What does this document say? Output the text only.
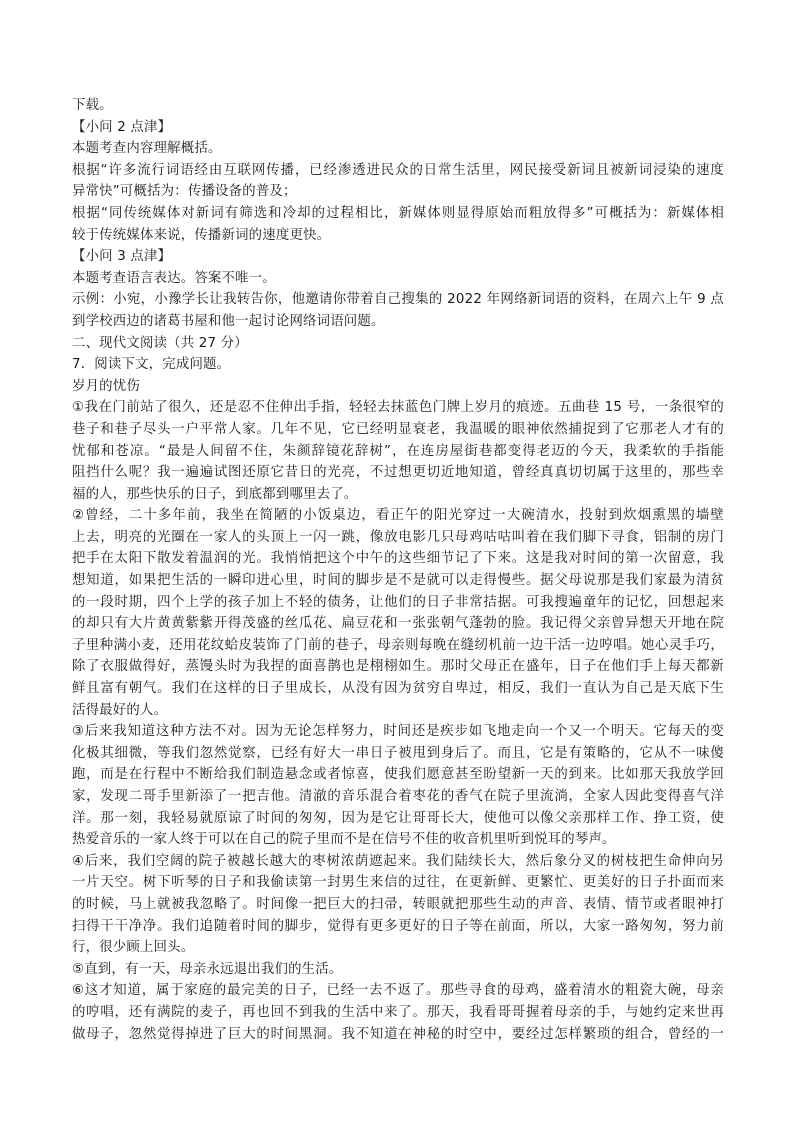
下载。
【小问 2 点津】
本题考查内容理解概括。
根据“许多流行词语经由互联网传播，已经渗透进民众的日常生活里，网民接受新词且被新词浸染的速度
异常快”可概括为：传播设备的普及；
根据“同传统媒体对新词有筛选和冷却的过程相比，新媒体则显得原始而粗放得多”可概括为：新媒体相
较于传统媒体来说，传播新词的速度更快。
【小问 3 点津】
本题考查语言表达。答案不唯一。
示例：小宛，小豫学长让我转告你，他邀请你带着自己搜集的 2022 年网络新词语的资料，在周六上午 9 点
到学校西边的诸葛书屋和他一起讨论网络词语问题。
二、现代文阅读（共 27 分）
7．阅读下文，完成问题。
岁月的忧伤
①我在门前站了很久，还是忍不住伸出手指，轻轻去抹蓝色门牌上岁月的痕迹。五曲巷 15 号，一条很窄的
巷子和巷子尽头一户平常人家。几年不见，它已经明显衰老，我温暖的眼神依然捕捉到了它那老人才有的
忧郁和苍凉。“最是人间留不住，朱颜辞镜花辞树”，在连房屋街巷都变得老迈的今天，我柔软的手指能
阻挡什么呢？我一遍遍试图还原它昔日的光亮，不过想更切近地知道，曾经真真切切属于这里的，那些幸
福的人，那些快乐的日子，到底都到哪里去了。
②曾经，二十多年前，我坐在简陋的小饭桌边，看正午的阳光穿过一大碗清水，投射到炊烟熏黑的墙壁
上去，明亮的光圈在一家人的头顶上一闪一跳，像放电影几只母鸡咕咕叫着在我们脚下寻食，铝制的房门
把手在太阳下散发着温润的光。我悄悄把这个中午的这些细节记了下来。这是我对时间的第一次留意，我
想知道，如果把生活的一瞬印进心里，时间的脚步是不是就可以走得慢些。据父母说那是我们家最为清贫
的一段时期，四个上学的孩子加上不轻的债务，让他们的日子非常拮据。可我搜遍童年的记忆，回想起来
的却只有大片黄黄紫紫开得茂盛的丝瓜花、扁豆花和一张张朝气蓬勃的脸。我记得父亲曾异想天开地在院
子里种满小麦，还用花纹蛤皮装饰了门前的巷子，母亲则每晚在缝纫机前一边干活一边哼唱。她心灵手巧，
除了衣服做得好，蒸馒头时为我捏的面喜鹊也是栩栩如生。那时父母正在盛年，日子在他们手上每天都新
鲜且富有朝气。我们在这样的日子里成长，从没有因为贫穷自卑过，相反，我们一直认为自己是天底下生
活得最好的人。
③后来我知道这种方法不对。因为无论怎样努力，时间还是疾步如飞地走向一个又一个明天。它每天的变
化极其细微，等我们忽然觉察，已经有好大一串日子被甩到身后了。而且，它是有策略的，它从不一味傻
跑，而是在行程中不断给我们制造悬念或者惊喜，使我们愿意甚至盼望新一天的到来。比如那天我放学回
家，发现二哥手里新添了一把吉他。清澈的音乐混合着枣花的香气在院子里流淌，全家人因此变得喜气洋
洋。那一刻，我轻易就原谅了时间的匆匆，因为是它让哥哥长大，使他可以像父亲那样工作、挣工资，使
热爱音乐的一家人终于可以在自己的院子里而不是在信号不佳的收音机里听到悦耳的琴声。
④后来，我们空阔的院子被越长越大的枣树浓荫遮起来。我们陆续长大，然后象分叉的树枝把生命伸向另
一片天空。树下听琴的日子和我偷读第一封男生来信的过往，在更新鲜、更繁忙、更美好的日子扑面而来
的时候，马上就被我忽略了。时间像一把巨大的扫帚，转眼就把那些生动的声音、表情、情节或者眼神打
扫得干干净净。我们追随着时间的脚步，觉得有更多更好的日子等在前面，所以，大家一路匆匆，努力前
行，很少顾上回头。
⑤直到，有一天，母亲永远退出我们的生活。
⑥这才知道，属于家庭的最完美的日子，已经一去不返了。那些寻食的母鸡，盛着清水的粗瓷大碗，母亲
的哼唱，还有满院的麦子，再也回不到我的生活中来了。那天，我看哥哥握着母亲的手，与她约定来世再
做母子，忽然觉得掉进了巨大的时间黑洞。我不知道在神秘的时空中，要经过怎样繁琐的组合，曾经的一
